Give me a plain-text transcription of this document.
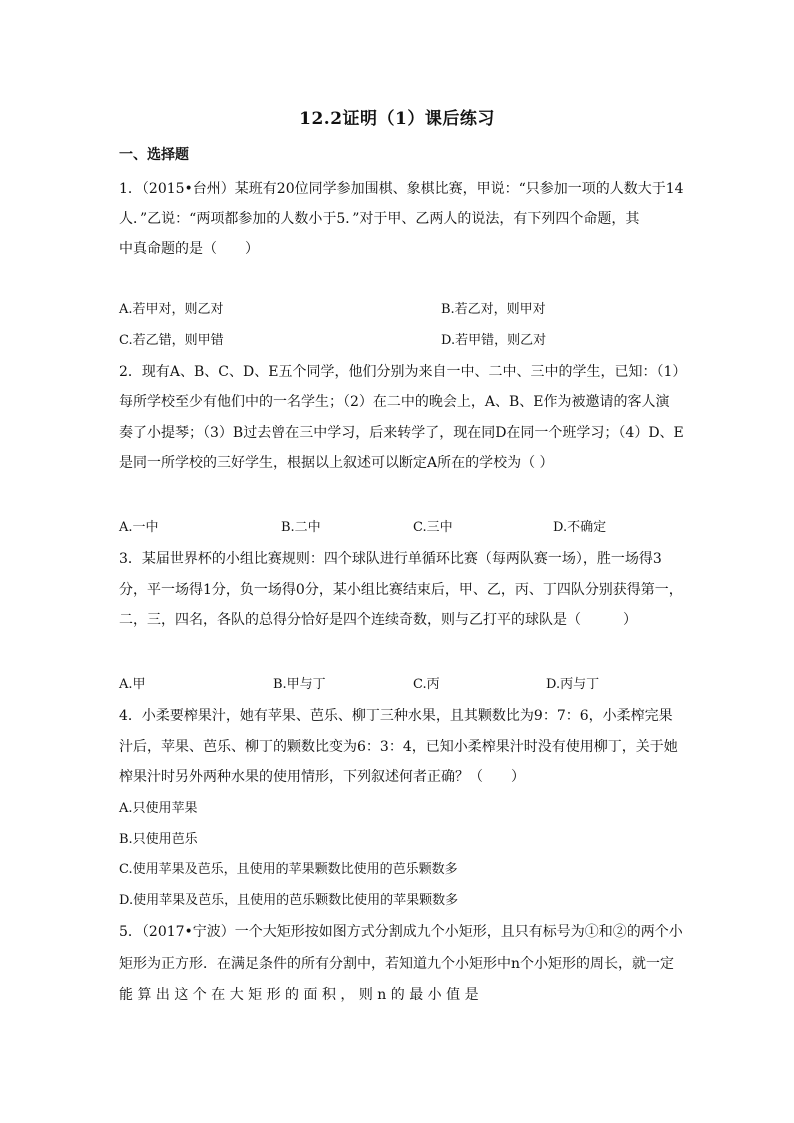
12.2证明（1）课后练习
一、选择题
1．（2015•台州）某班有20位同学参加围棋、象棋比赛，甲说：“只参加一项的人数大于14
人．”乙说：“两项都参加的人数小于5．”对于甲、乙两人的说法，有下列四个命题，其
中真命题的是（　　）
A.若甲对，则乙对	B.若乙对，则甲对
C.若乙错，则甲错	D.若甲错，则乙对
2．现有A、B、C、D、E五个同学，他们分别为来自一中、二中、三中的学生，已知：（1）
每所学校至少有他们中的一名学生；（2）在二中的晚会上，A、B、E作为被邀请的客人演
奏了小提琴；（3）B过去曾在三中学习，后来转学了，现在同D在同一个班学习；（4）D、E
是同一所学校的三好学生，根据以上叙述可以断定A所在的学校为（ ）
A.一中	B.二中	C.三中	D.不确定
3．某届世界杯的小组比赛规则：四个球队进行单循环比赛（每两队赛一场），胜一场得3
分，平一场得1分，负一场得0分，某小组比赛结束后，甲、乙，丙、丁四队分别获得第一，
二，三，四名，各队的总得分恰好是四个连续奇数，则与乙打平的球队是（　　　）
A.甲	B.甲与丁	C.丙	D.丙与丁
4．小柔要榨果汁，她有苹果、芭乐、柳丁三种水果，且其颗数比为9：7：6，小柔榨完果
汁后，苹果、芭乐、柳丁的颗数比变为6：3：4，已知小柔榨果汁时没有使用柳丁，关于她
榨果汁时另外两种水果的使用情形，下列叙述何者正确？（　　）
A.只使用苹果
B.只使用芭乐
C.使用苹果及芭乐，且使用的苹果颗数比使用的芭乐颗数多
D.使用苹果及芭乐，且使用的芭乐颗数比使用的苹果颗数多
5．（2017•宁波）一个大矩形按如图方式分割成九个小矩形，且只有标号为①和②的两个小
矩形为正方形．在满足条件的所有分割中，若知道九个小矩形中n个小矩形的周长，就一定
能 算 出 这 个 在 大 矩 形 的 面 积 ， 则 n 的 最 小 值 是
